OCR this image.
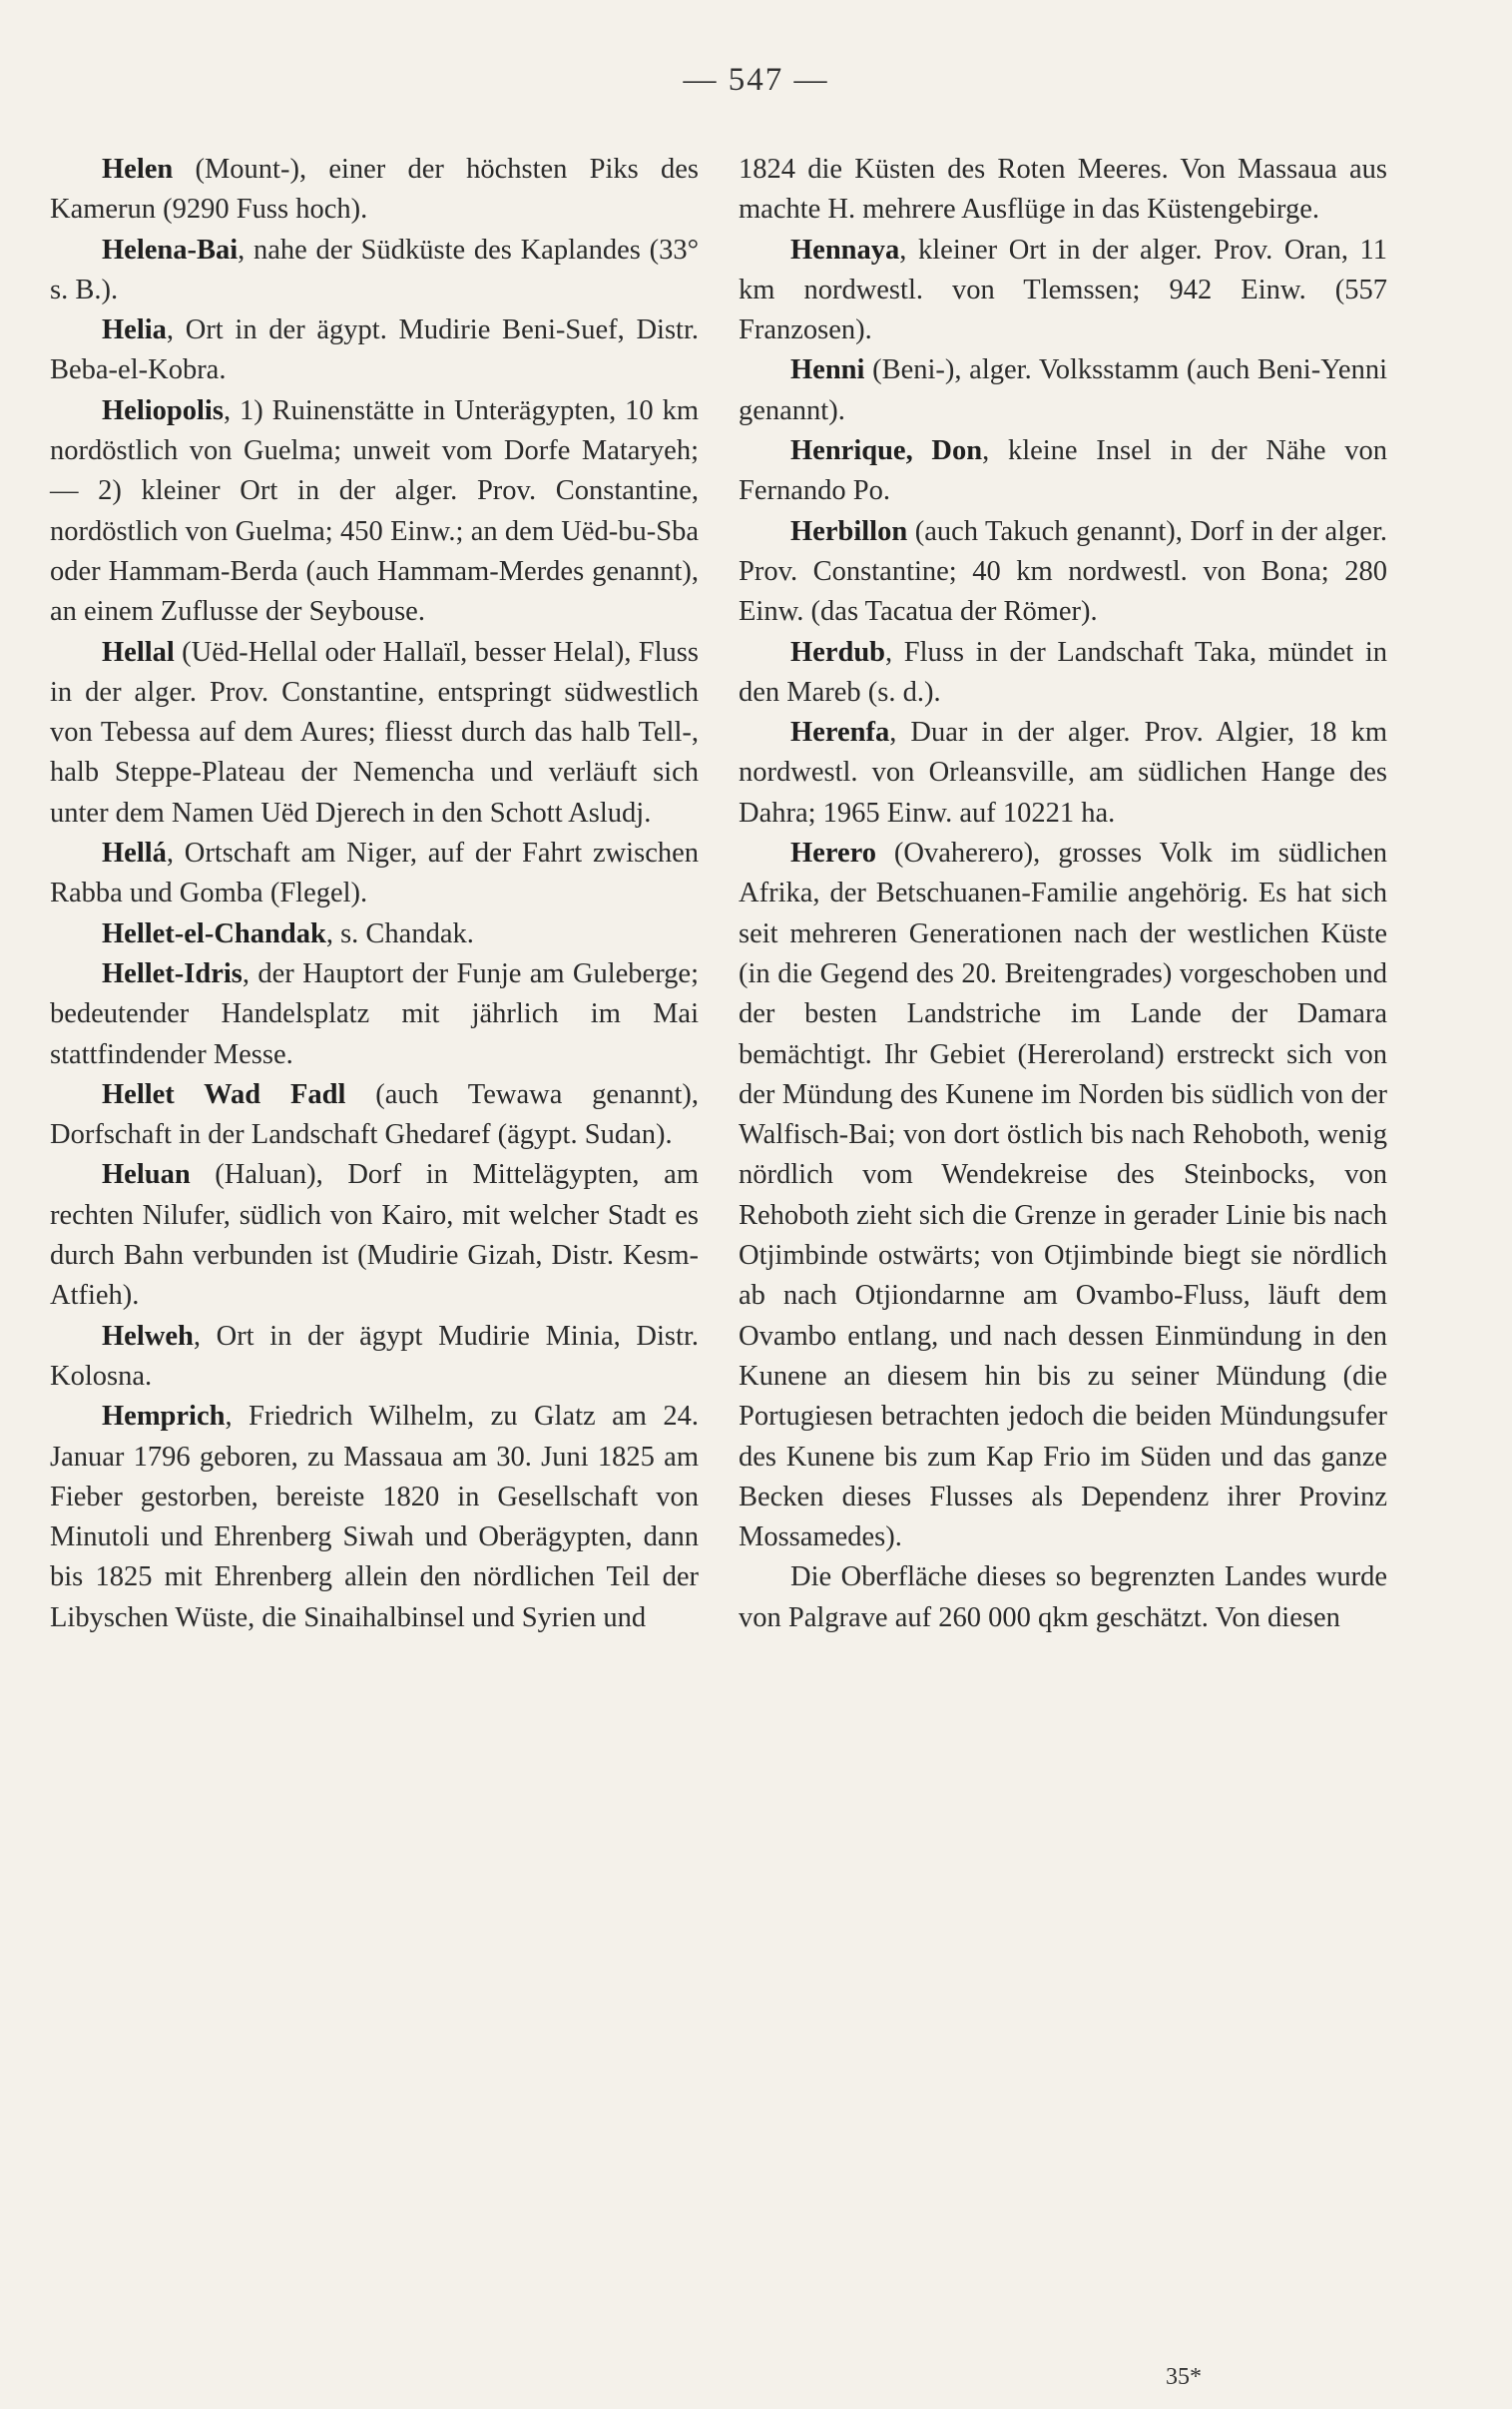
— 547 —

Helen (Mount-), einer der höchsten Piks des Kamerun (9290 Fuss hoch).

Helena-Bai, nahe der Südküste des Kaplandes (33° s. B.).

Helia, Ort in der ägypt. Mudirie Beni-Suef, Distr. Beba-el-Kobra.

Heliopolis, 1) Ruinenstätte in Unterägypten, 10 km nordöstlich von Guelma; unweit vom Dorfe Mataryeh; — 2) kleiner Ort in der alger. Prov. Constantine, nordöstlich von Guelma; 450 Einw.; an dem Uëd-bu-Sba oder Hammam-Berda (auch Hammam-Merdes genannt), an einem Zuflusse der Seybouse.

Hellal (Uëd-Hellal oder Hallaïl, besser Helal), Fluss in der alger. Prov. Constantine, entspringt südwestlich von Tebessa auf dem Aures; fliesst durch das halb Tell-, halb Steppe-Plateau der Nemencha und verläuft sich unter dem Namen Uëd Djerech in den Schott Asludj.

Hellá, Ortschaft am Niger, auf der Fahrt zwischen Rabba und Gomba (Flegel).

Hellet-el-Chandak, s. Chandak.

Hellet-Idris, der Hauptort der Funje am Guleberge; bedeutender Handelsplatz mit jährlich im Mai stattfindender Messe.

Hellet Wad Fadl (auch Tewawa genannt), Dorfschaft in der Landschaft Ghedaref (ägypt. Sudan).

Heluan (Haluan), Dorf in Mittelägypten, am rechten Nilufer, südlich von Kairo, mit welcher Stadt es durch Bahn verbunden ist (Mudirie Gizah, Distr. Kesm-Atfieh).

Helweh, Ort in der ägypt Mudirie Minia, Distr. Kolosna.

Hemprich, Friedrich Wilhelm, zu Glatz am 24. Januar 1796 geboren, zu Massaua am 30. Juni 1825 am Fieber gestorben, bereiste 1820 in Gesellschaft von Minutoli und Ehrenberg Siwah und Oberägypten, dann bis 1825 mit Ehrenberg allein den nördlichen Teil der Libyschen Wüste, die Sinaihalbinsel und Syrien und

1824 die Küsten des Roten Meeres. Von Massaua aus machte H. mehrere Ausflüge in das Küstengebirge.

Hennaya, kleiner Ort in der alger. Prov. Oran, 11 km nordwestl. von Tlemssen; 942 Einw. (557 Franzosen).

Henni (Beni-), alger. Volksstamm (auch Beni-Yenni genannt).

Henrique, Don, kleine Insel in der Nähe von Fernando Po.

Herbillon (auch Takuch genannt), Dorf in der alger. Prov. Constantine; 40 km nordwestl. von Bona; 280 Einw. (das Tacatua der Römer).

Herdub, Fluss in der Landschaft Taka, mündet in den Mareb (s. d.).

Herenfa, Duar in der alger. Prov. Algier, 18 km nordwestl. von Orleansville, am südlichen Hange des Dahra; 1965 Einw. auf 10221 ha.

Herero (Ovaherero), grosses Volk im südlichen Afrika, der Betschuanen-Familie angehörig. Es hat sich seit mehreren Generationen nach der westlichen Küste (in die Gegend des 20. Breitengrades) vorgeschoben und der besten Landstriche im Lande der Damara bemächtigt. Ihr Gebiet (Hereroland) erstreckt sich von der Mündung des Kunene im Norden bis südlich von der Walfisch-Bai; von dort östlich bis nach Rehoboth, wenig nördlich vom Wendekreise des Steinbocks, von Rehoboth zieht sich die Grenze in gerader Linie bis nach Otjimbinde ostwärts; von Otjimbinde biegt sie nördlich ab nach Otjiondarnne am Ovambo-Fluss, läuft dem Ovambo entlang, und nach dessen Einmündung in den Kunene an diesem hin bis zu seiner Mündung (die Portugiesen betrachten jedoch die beiden Mündungsufer des Kunene bis zum Kap Frio im Süden und das ganze Becken dieses Flusses als Dependenz ihrer Provinz Mossamedes).

Die Oberfläche dieses so begrenzten Landes wurde von Palgrave auf 260 000 qkm geschätzt. Von diesen

35*
